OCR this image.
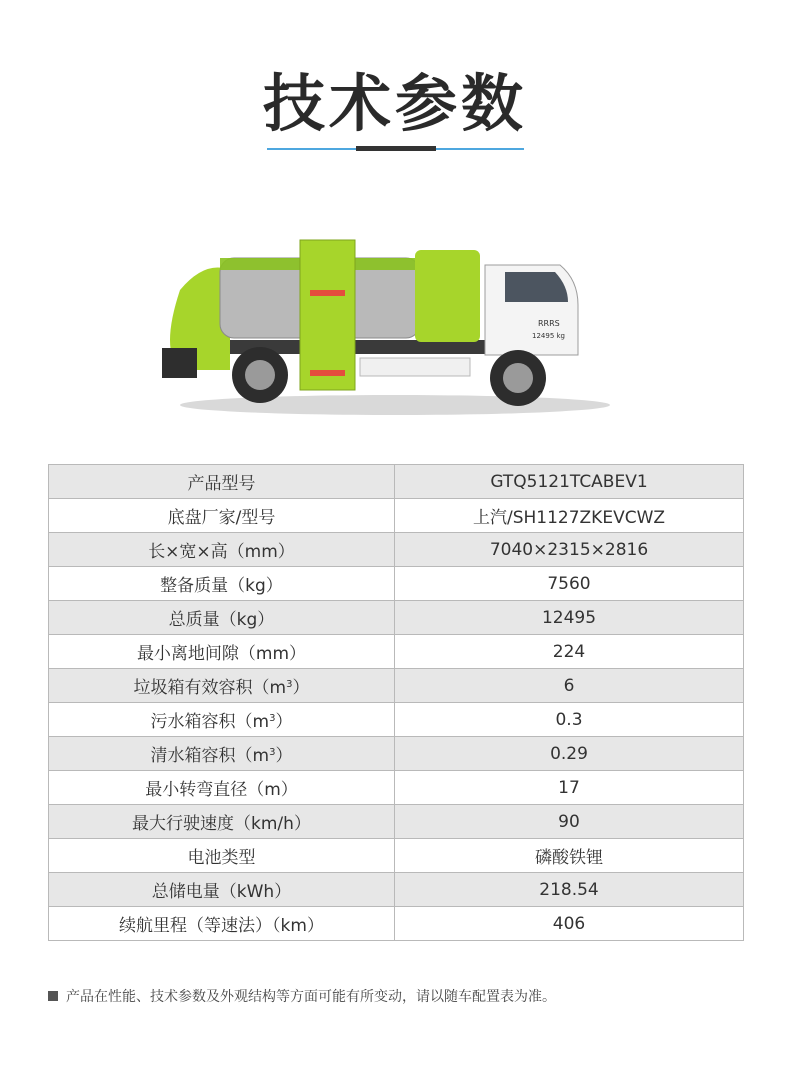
技术参数
RRRS
12495 kg
产品型号	GTQ5121TCABEV1
底盘厂家/型号	上汽/SH1127ZKEVCWZ
长×宽×高（mm）	7040×2315×2816
整备质量（kg）	7560
总质量（kg）	12495
最小离地间隙（mm）	224
垃圾箱有效容积$(m^3)$	6
污水箱容积$(m^3)$	0.3
清水箱容积$(m^3)$	0.29
最小转弯直径（m）	17
最大行驶速度（km/h）	90
电池类型	磷酸铁锂
总储电量（kWh）	218.54
续航里程（等速法）（km）	406
产品在性能、技术参数及外观结构等方面可能有所变动，请以随车配置表为准。
